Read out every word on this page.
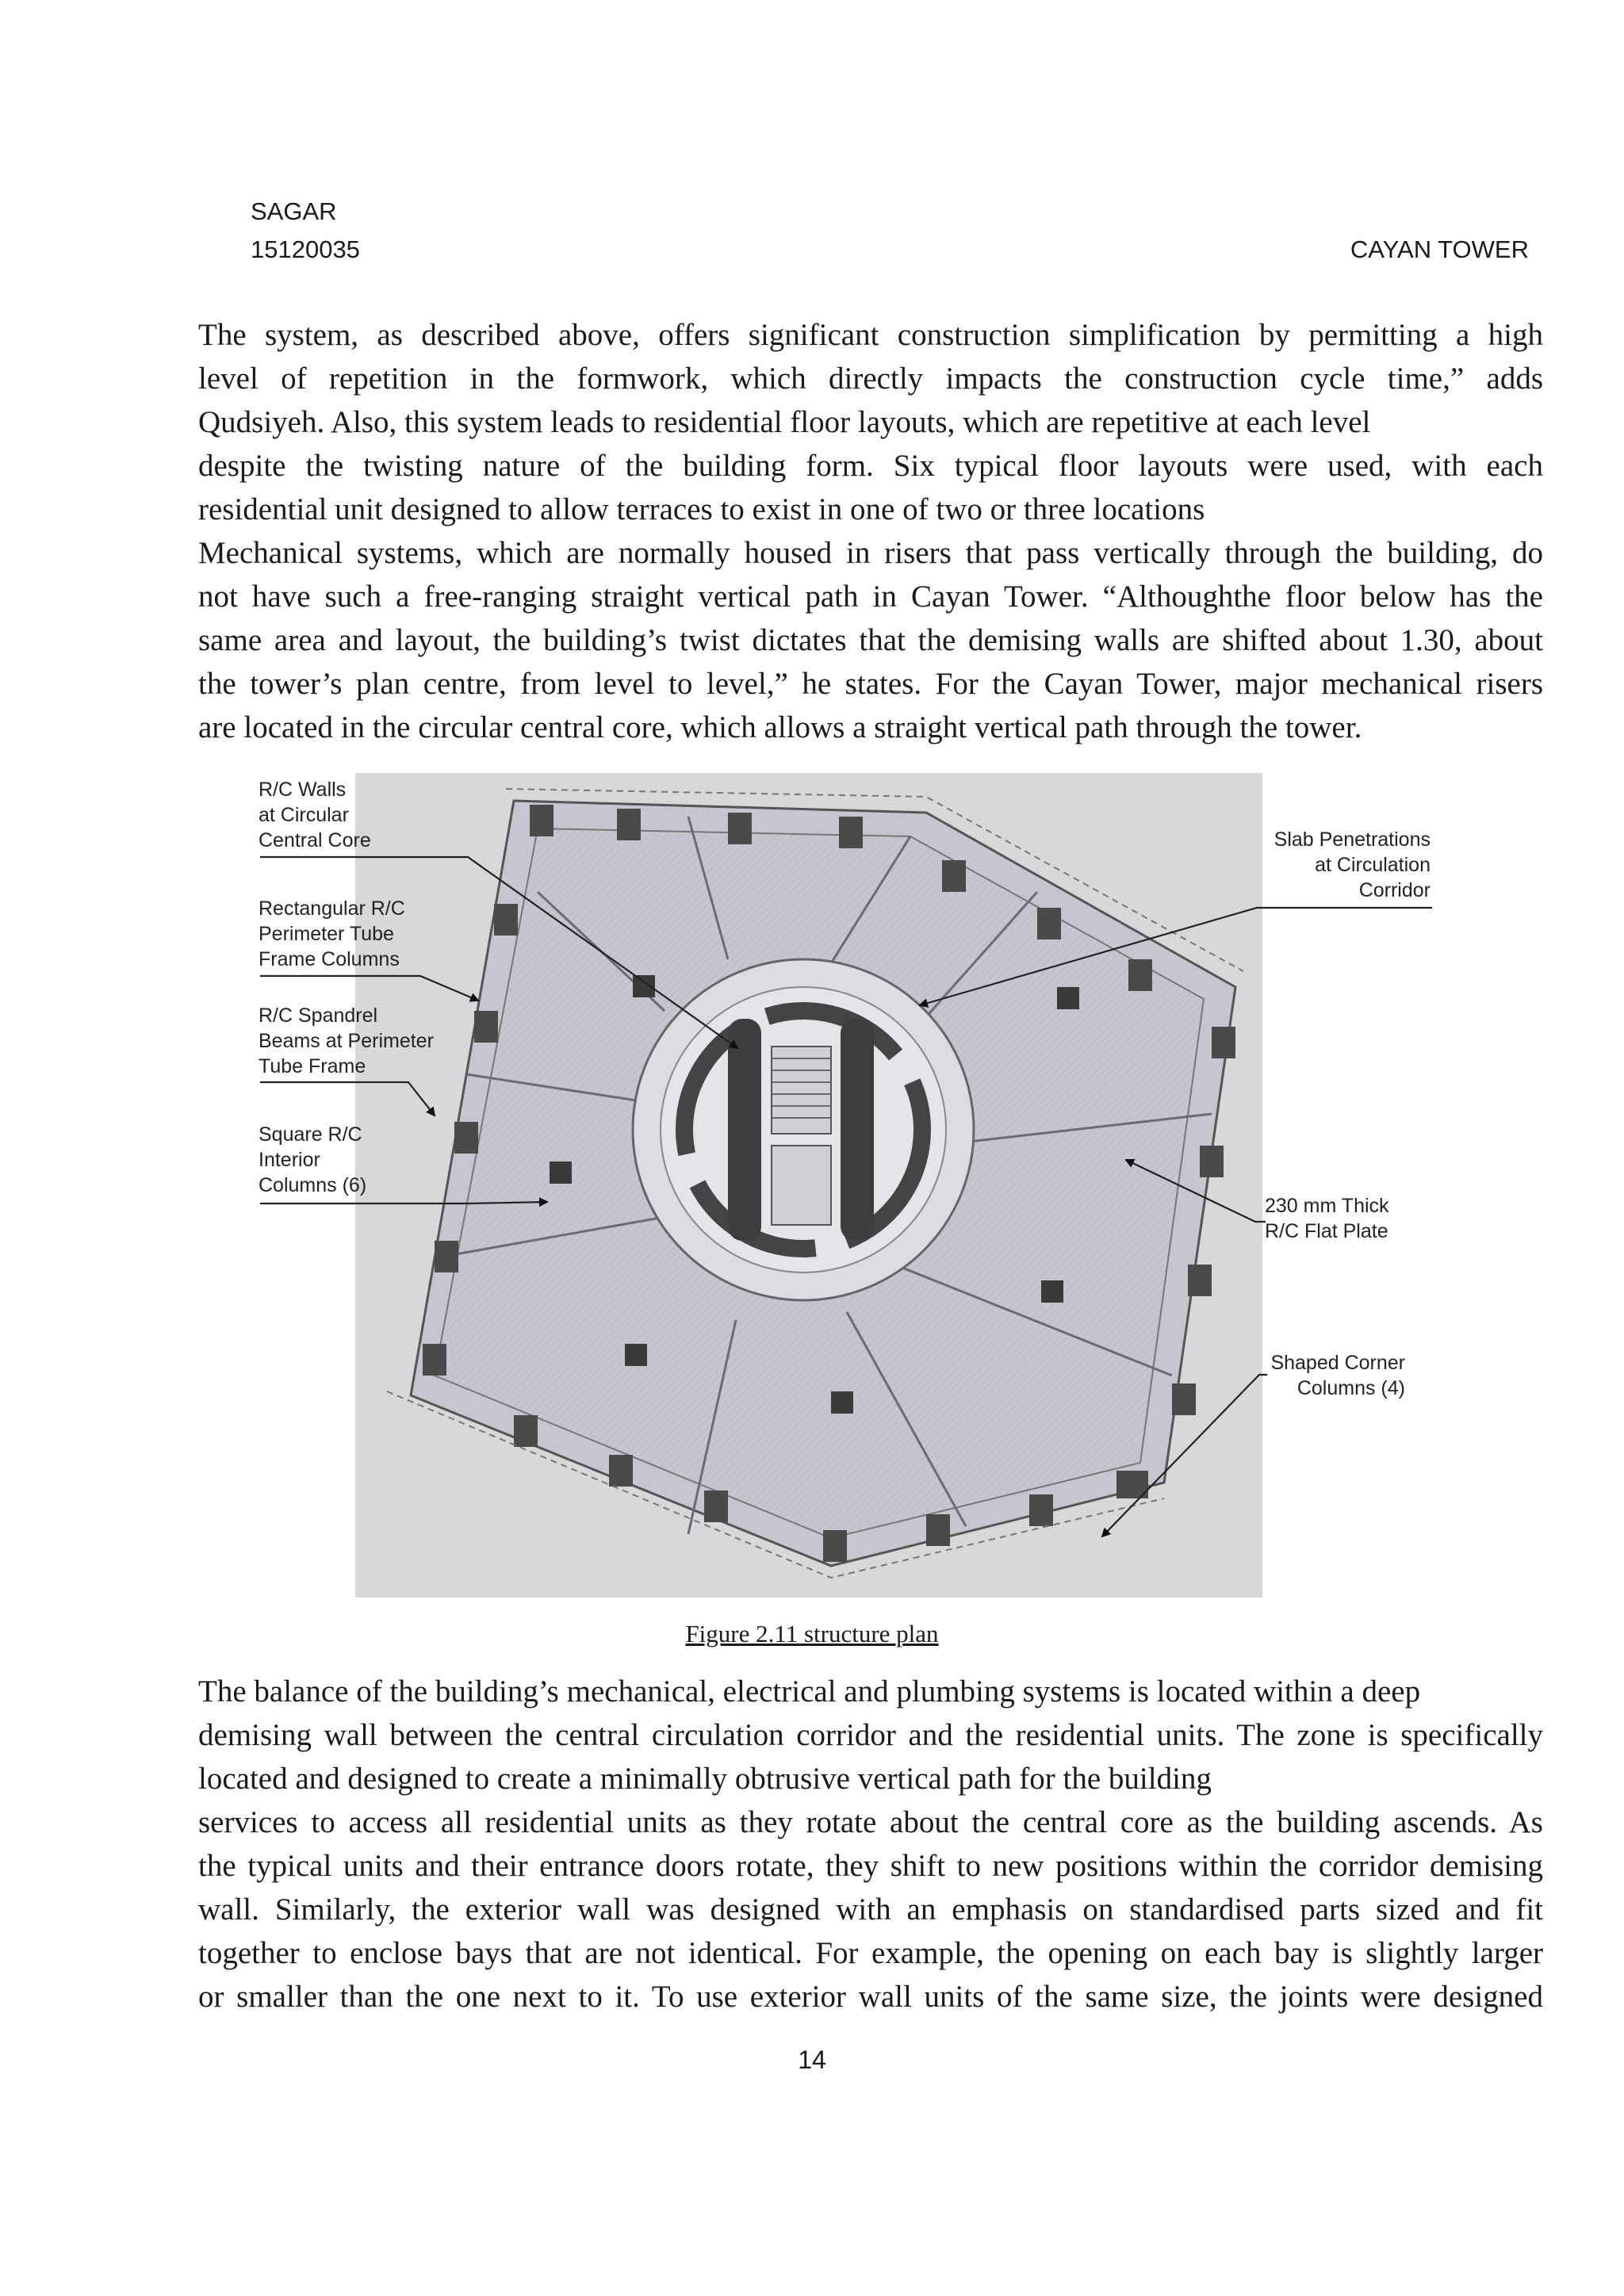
SAGAR
15120035	CAYAN TOWER
The system, as described above, offers significant construction simplification by permitting a high
level of repetition in the formwork, which directly impacts the construction cycle time,” adds
Qudsiyeh. Also, this system leads to residential floor layouts, which are repetitive at each level
despite the twisting nature of the building form. Six typical floor layouts were used, with each
residential unit designed to allow terraces to exist in one of two or three locations
Mechanical systems, which are normally housed in risers that pass vertically through the building, do
not have such a free-ranging straight vertical path in Cayan Tower. “Althoughthe floor below has the
same area and layout, the building’s twist dictates that the demising walls are shifted about 1.30, about
the tower’s plan centre, from level to level,” he states. For the Cayan Tower, major mechanical risers
are located in the circular central core, which allows a straight vertical path through the tower.
R/C Walls
at Circular
Central Core
Rectangular R/C
Perimeter Tube
Frame Columns
R/C Spandrel
Beams at Perimeter
Tube Frame
Square R/C
Interior
Columns (6)
Slab Penetrations
at Circulation
Corridor
230 mm Thick
R/C Flat Plate
Shaped Corner
Columns (4)
Figure 2.11 structure plan
The balance of the building’s mechanical, electrical and plumbing systems is located within a deep
demising wall between the central circulation corridor and the residential units. The zone is specifically
located and designed to create a minimally obtrusive vertical path for the building
services to access all residential units as they rotate about the central core as the building ascends. As
the typical units and their entrance doors rotate, they shift to new positions within the corridor demising
wall. Similarly, the exterior wall was designed with an emphasis on standardised parts sized and fit
together to enclose bays that are not identical. For example, the opening on each bay is slightly larger
or smaller than the one next to it. To use exterior wall units of the same size, the joints were designed
14
